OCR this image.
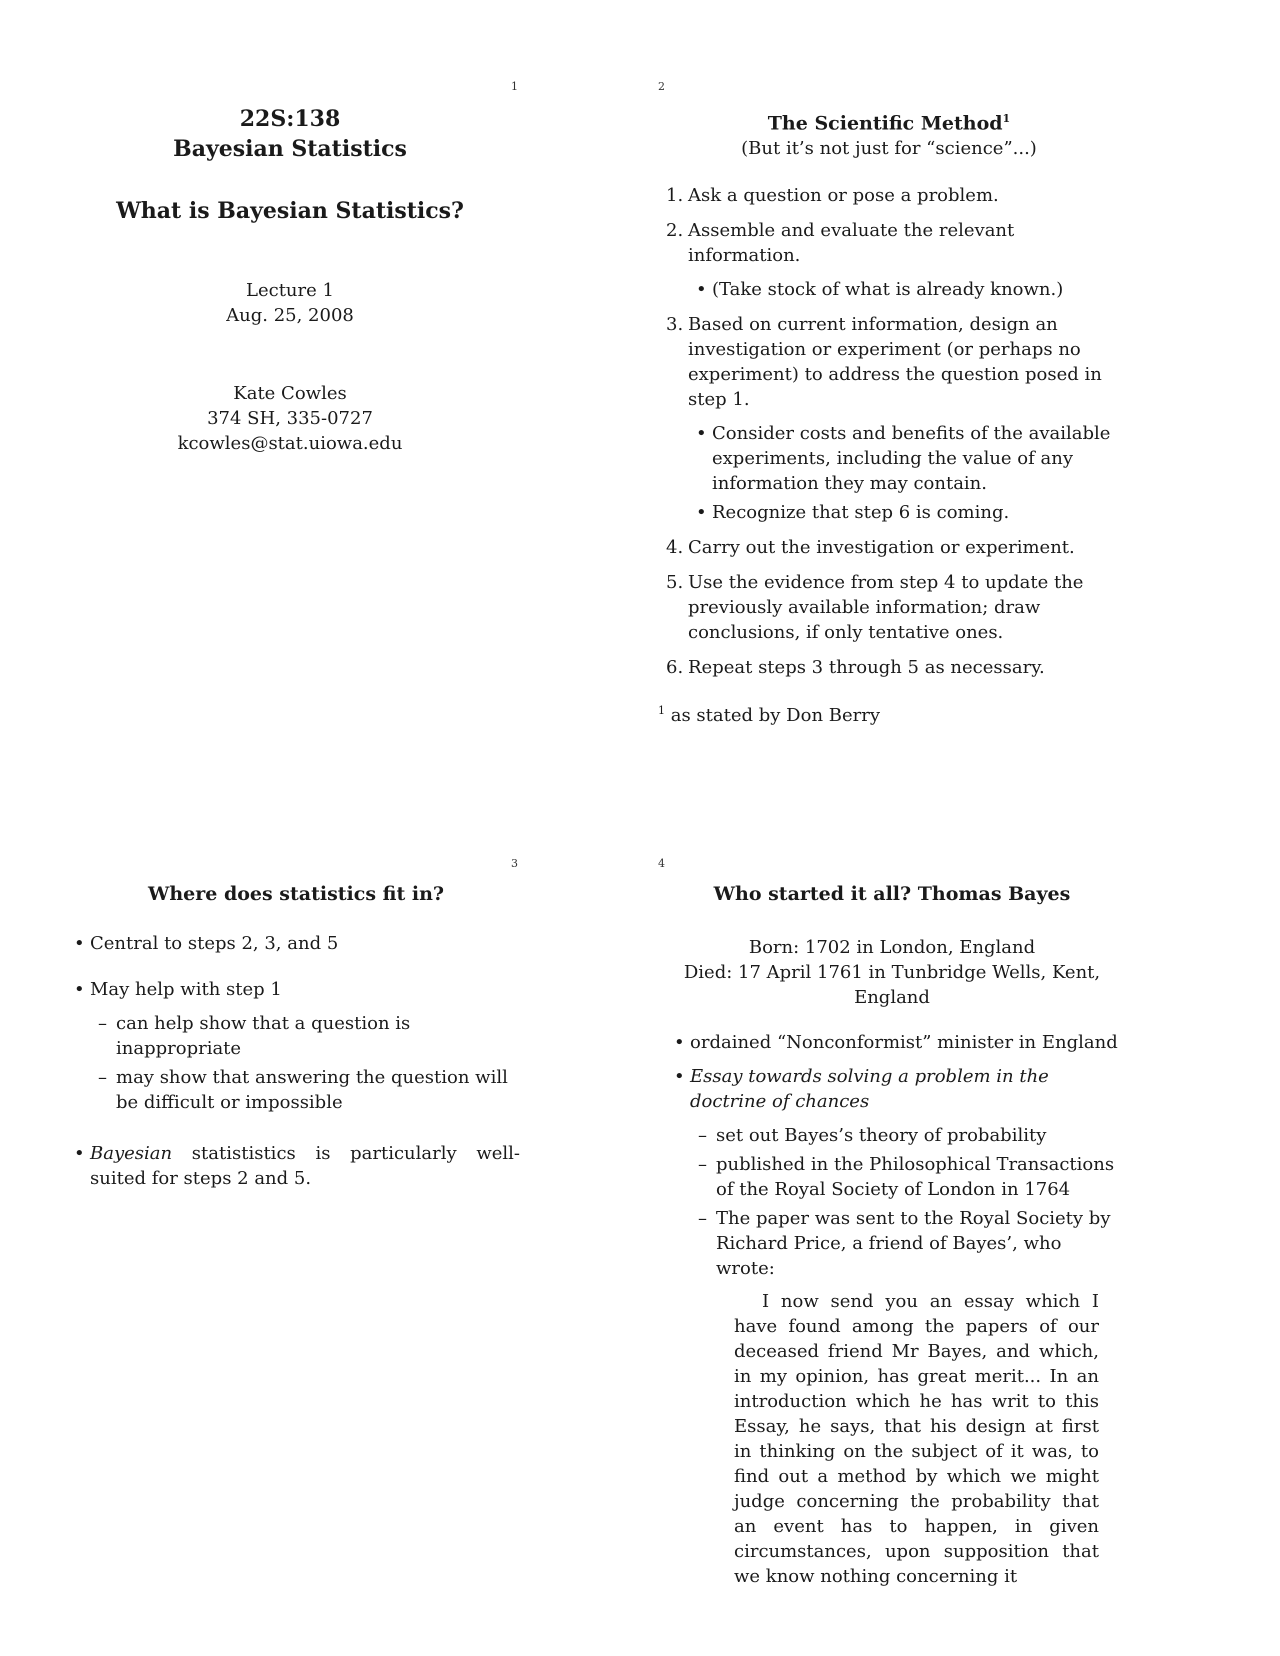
1
22S:138
Bayesian Statistics
What is Bayesian Statistics?
Lecture 1
Aug. 25, 2008
Kate Cowles
374 SH, 335-0727
kcowles@stat.uiowa.edu
2
The Scientific Method$^1$
(But it’s not just for “science”...)
1. Ask a question or pose a problem.
2. Assemble and evaluate the relevant information.
• (Take stock of what is already known.)
3. Based on current information, design an investigation or experiment (or perhaps no experiment) to address the question posed in step 1.
• Consider costs and benefits of the available experiments, including the value of any information they may contain.
• Recognize that step 6 is coming.
4. Carry out the investigation or experiment.
5. Use the evidence from step 4 to update the previously available information; draw conclusions, if only tentative ones.
6. Repeat steps 3 through 5 as necessary.
$^1$ as stated by Don Berry
3
Where does statistics fit in?
• Central to steps 2, 3, and 5
• May help with step 1
– can help show that a question is inappropriate
– may show that answering the question will be difficult or impossible
• Bayesian statististics is particularly well-suited for steps 2 and 5.
4
Who started it all? Thomas Bayes
Born: 1702 in London, England
Died: 17 April 1761 in Tunbridge Wells, Kent, England
• ordained “Nonconformist” minister in England
• Essay towards solving a problem in the doctrine of chances
– set out Bayes’s theory of probability
– published in the Philosophical Transactions of the Royal Society of London in 1764
– The paper was sent to the Royal Society by Richard Price, a friend of Bayes’, who wrote:
I now send you an essay which I have found among the papers of our deceased friend Mr Bayes, and which, in my opinion, has great merit... In an introduction which he has writ to this Essay, he says, that his design at first in thinking on the subject of it was, to find out a method by which we might judge concerning the probability that an event has to happen, in given circumstances, upon supposition that we know nothing concerning it
